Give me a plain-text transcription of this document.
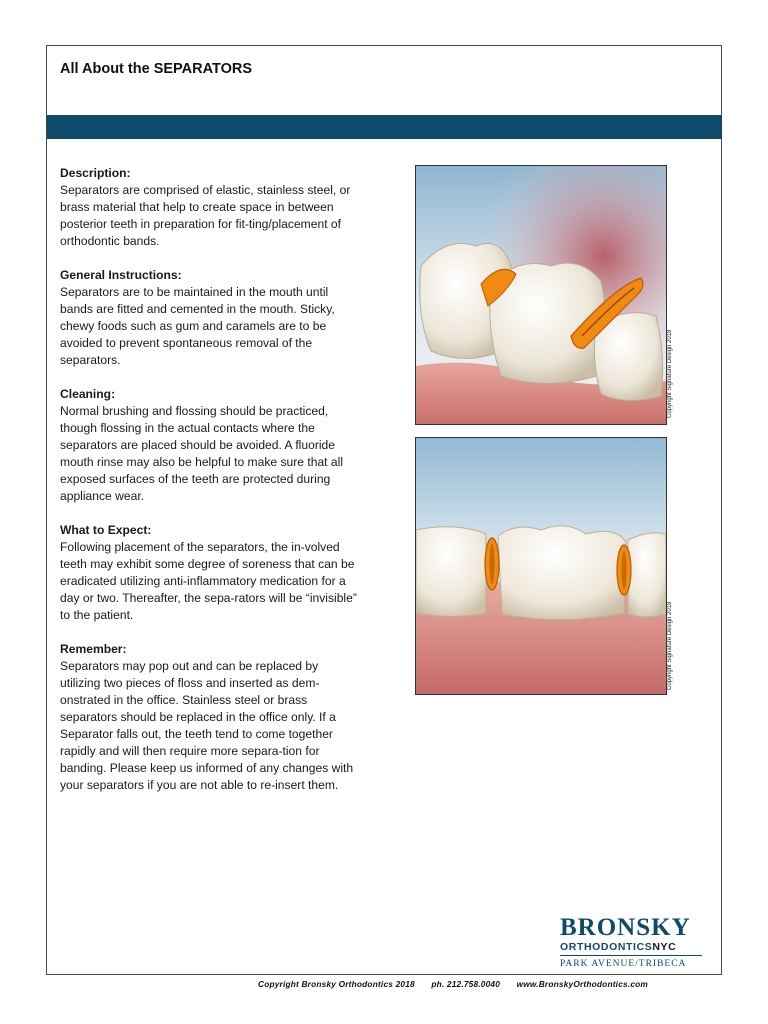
All About the SEPARATORS
Description:

Separators are comprised of elastic, stainless steel, or brass material that help to create space in between posterior teeth in preparation for fit-ting/placement of orthodontic bands.

General Instructions:

Separators are to be maintained in the mouth until bands are fitted and cemented in the mouth. Sticky, chewy foods such as gum and caramels are to be avoided to prevent spontaneous removal of the separators.

Cleaning:

Normal brushing and flossing should be practiced, though flossing in the actual contacts where the separators are placed should be avoided. A fluoride mouth rinse may also be helpful to make sure that all exposed surfaces of the teeth are protected during appliance wear.

What to Expect:

Following placement of the separators, the in-volved teeth may exhibit some degree of soreness that can be eradicated utilizing anti-inflammatory medication for a day or two. Thereafter, the sepa-rators will be “invisible” to the patient.

Remember:

Separators may pop out and can be replaced by utilizing two pieces of floss and inserted as dem-onstrated in the office. Stainless steel or brass separators should be replaced in the office only. If a Separator falls out, the teeth tend to come together rapidly and will then require more separa-tion for banding. Please keep us informed of any changes with your separators if you are not able to re-insert them.

Copyright Signature Design 2018
Copyright Signature Design 2018
BRONSKY
ORTHODONTICSNYC
PARK AVENUE/TRIBECA
Copyright Bronsky Orthodontics 2018 ph. 212.758.0040 www.BronskyOrthodontics.com
